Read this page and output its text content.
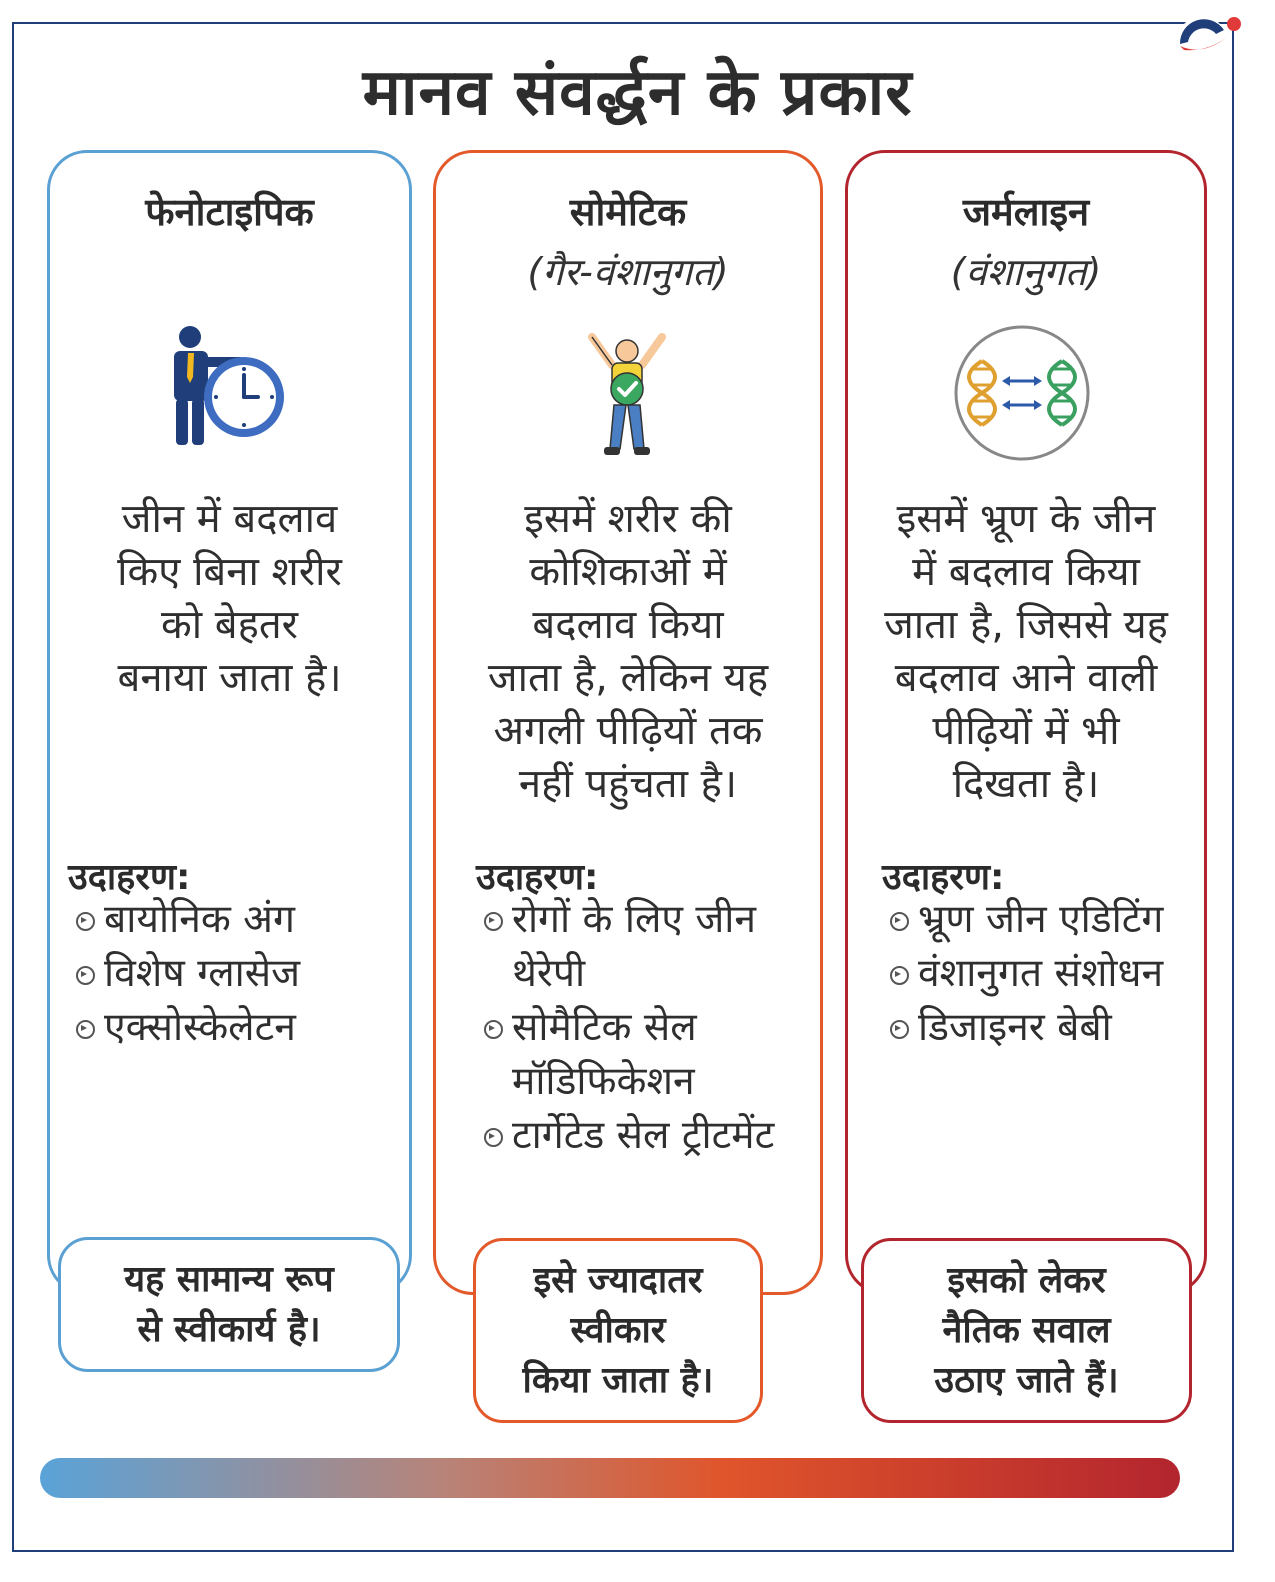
मानव संवर्द्धन के प्रकार
फेनोटाइपिक
जीन में बदलाव
किए बिना शरीर
को बेहतर
बनाया जाता है।
उदाहरण:
बायोनिक अंग
विशेष ग्लासेज
एक्सोस्केलेटन
सोमेटिक
(गैर-वंशानुगत)
इसमें शरीर की
कोशिकाओं में
बदलाव किया
जाता है, लेकिन यह
अगली पीढ़ियों तक
नहीं पहुंचता है।
उदाहरण:
रोगों के लिए जीन थेरेपी
सोमैटिक सेल मॉडिफिकेशन
टार्गेटेड सेल ट्रीटमेंट
जर्मलाइन
(वंशानुगत)
इसमें भ्रूण के जीन
में बदलाव किया
जाता है, जिससे यह
बदलाव आने वाली
पीढ़ियों में भी
दिखता है।
उदाहरण:
भ्रूण जीन एडिटिंग
वंशानुगत संशोधन
डिजाइनर बेबी
यह सामान्य रूप
से स्वीकार्य है।
इसे ज्यादातर
स्वीकार
किया जाता है।
इसको लेकर
नैतिक सवाल
उठाए जाते हैं।
